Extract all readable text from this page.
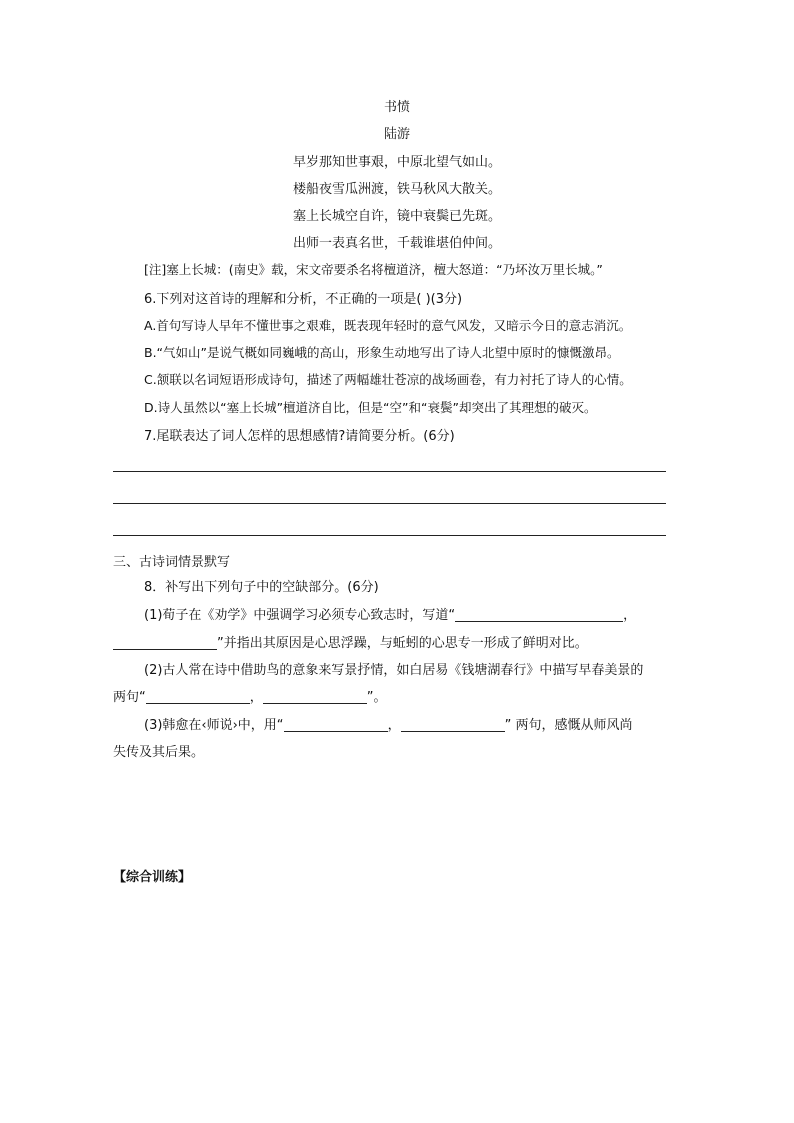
书愤
陆游
早岁那知世事艰，中原北望气如山。
楼船夜雪瓜洲渡，铁马秋风大散关。
塞上长城空自许，镜中衰鬓已先斑。
出师一表真名世，千载谁堪伯仲间。
[注]塞上长城：(南史》载，宋文帝要杀名将檀道济，檀大怒道：“乃坏汝万里长城。”
6.下列对这首诗的理解和分析，不正确的一项是( )(3分)
A.首句写诗人早年不懂世事之艰难，既表现年轻时的意气风发，又暗示今日的意志消沉。
B.“气如山”是说气概如同巍峨的高山，形象生动地写出了诗人北望中原时的慷慨激昂。
C.颔联以名词短语形成诗句，描述了两幅雄壮苍凉的战场画卷，有力衬托了诗人的心情。
D.诗人虽然以“塞上长城”檀道济自比，但是“空”和“衰鬓”却突出了其理想的破灭。
7.尾联表达了词人怎样的思想感情?请简要分析。(6分)
三、古诗词情景默写
8．补写出下列句子中的空缺部分。(6分)
(1)荀子在《劝学》中强调学习必须专心致志时，写道“	，
”并指出其原因是心思浮躁，与蚯蚓的心思专一形成了鲜明对比。
(2)古人常在诗中借助鸟的意象来写景抒情，如白居易《钱塘湖春行》中描写早春美景的
两句“	，	”。
(3)韩愈在‹师说›中，用“	，	” 两句，感慨从师风尚
失传及其后果。
【综合训练】
